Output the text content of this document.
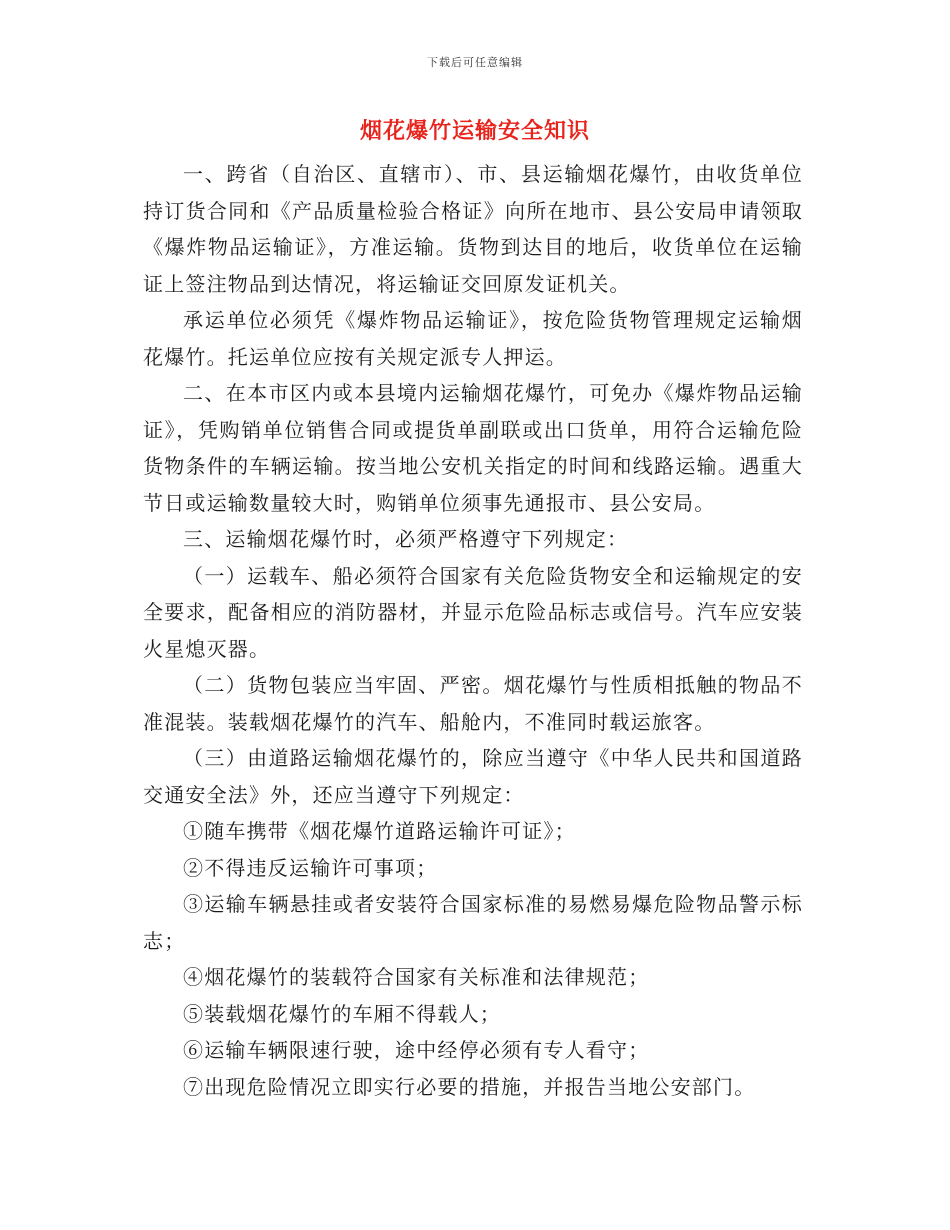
下载后可任意编辑
烟花爆竹运输安全知识

一、跨省（自治区、直辖市）、市、县运输烟花爆竹，由收货单位持订货合同和《产品质量检验合格证》向所在地市、县公安局申请领取《爆炸物品运输证》，方准运输。货物到达目的地后，收货单位在运输证上签注物品到达情况，将运输证交回原发证机关。

承运单位必须凭《爆炸物品运输证》，按危险货物管理规定运输烟花爆竹。托运单位应按有关规定派专人押运。

二、在本市区内或本县境内运输烟花爆竹，可免办《爆炸物品运输证》，凭购销单位销售合同或提货单副联或出口货单，用符合运输危险货物条件的车辆运输。按当地公安机关指定的时间和线路运输。遇重大节日或运输数量较大时，购销单位须事先通报市、县公安局。

三、运输烟花爆竹时，必须严格遵守下列规定：

（一）运载车、船必须符合国家有关危险货物安全和运输规定的安全要求，配备相应的消防器材，并显示危险品标志或信号。汽车应安装火星熄灭器。

（二）货物包装应当牢固、严密。烟花爆竹与性质相抵触的物品不准混装。装载烟花爆竹的汽车、船舱内，不准同时载运旅客。

（三）由道路运输烟花爆竹的，除应当遵守《中华人民共和国道路交通安全法》外，还应当遵守下列规定：

①随车携带《烟花爆竹道路运输许可证》；

②不得违反运输许可事项；

③运输车辆悬挂或者安装符合国家标准的易燃易爆危险物品警示标志；

④烟花爆竹的装载符合国家有关标准和法律规范；

⑤装载烟花爆竹的车厢不得载人；

⑥运输车辆限速行驶，途中经停必须有专人看守；

⑦出现危险情况立即实行必要的措施，并报告当地公安部门。
